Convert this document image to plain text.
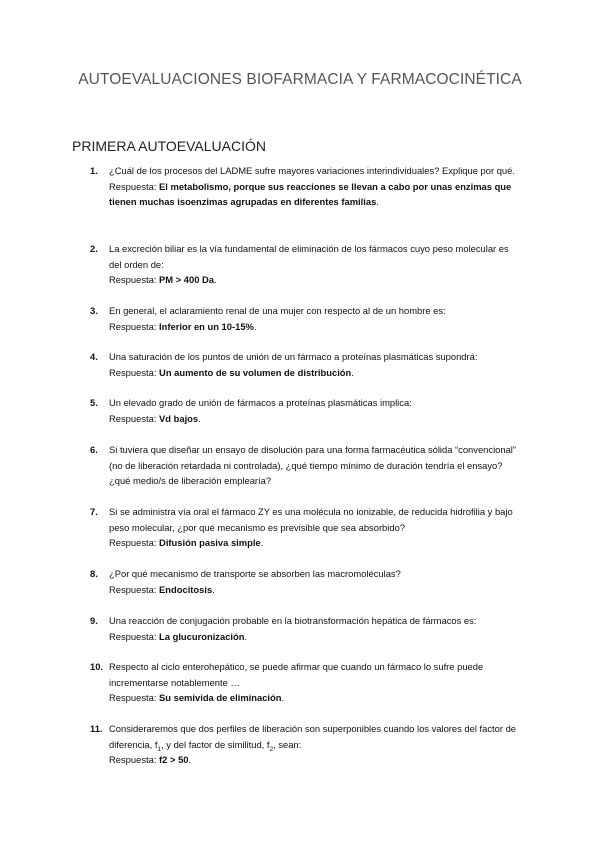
AUTOEVALUACIONES BIOFARMACIA Y FARMACOCINÉTICA
PRIMERA AUTOEVALUACIÓN
1. ¿Cuál de los procesos del LADME sufre mayores variaciones interindividuales? Explique por qué.
Respuesta: El metabolismo, porque sus reacciones se llevan a cabo por unas enzimas que tienen muchas isoenzimas agrupadas en diferentes familias.
2. La excreción biliar es la vía fundamental de eliminación de los fármacos cuyo peso molecular es del orden de:
Respuesta: PM > 400 Da.
3. En general, el aclaramiento renal de una mujer con respecto al de un hombre es:
Respuesta: Inferior en un 10-15%.
4. Una saturación de los puntos de unión de un fármaco a proteínas plasmáticas supondrá:
Respuesta: Un aumento de su volumen de distribución.
5. Un elevado grado de unión de fármacos a proteínas plasmáticas implica:
Respuesta: Vd bajos.
6. Si tuviera que diseñar un ensayo de disolución para una forma farmacéutica sólida “convencional” (no de liberación retardada ni controlada), ¿qué tiempo mínimo de duración tendría el ensayo? ¿qué medio/s de liberación emplearía?
7. Si se administra vía oral el fármaco ZY es una molécula no ionizable, de reducida hidrofilia y bajo peso molecular, ¿por qué mecanismo es previsible que sea absorbido?
Respuesta: Difusión pasiva simple.
8. ¿Por qué mecanismo de transporte se absorben las macromoléculas?
Respuesta: Endocitosis.
9. Una reacción de conjugación probable en la biotransformación hepática de fármacos es:
Respuesta: La glucuronización.
10. Respecto al ciclo enterohepático, se puede afirmar que cuando un fármaco lo sufre puede incrementarse notablemente …
Respuesta: Su semivida de eliminación.
11. Consideraremos que dos perfiles de liberación son superponibles cuando los valores del factor de diferencia, $f_1$, y del factor de similitud, $f_2$, sean:
Respuesta: f2 > 50.
